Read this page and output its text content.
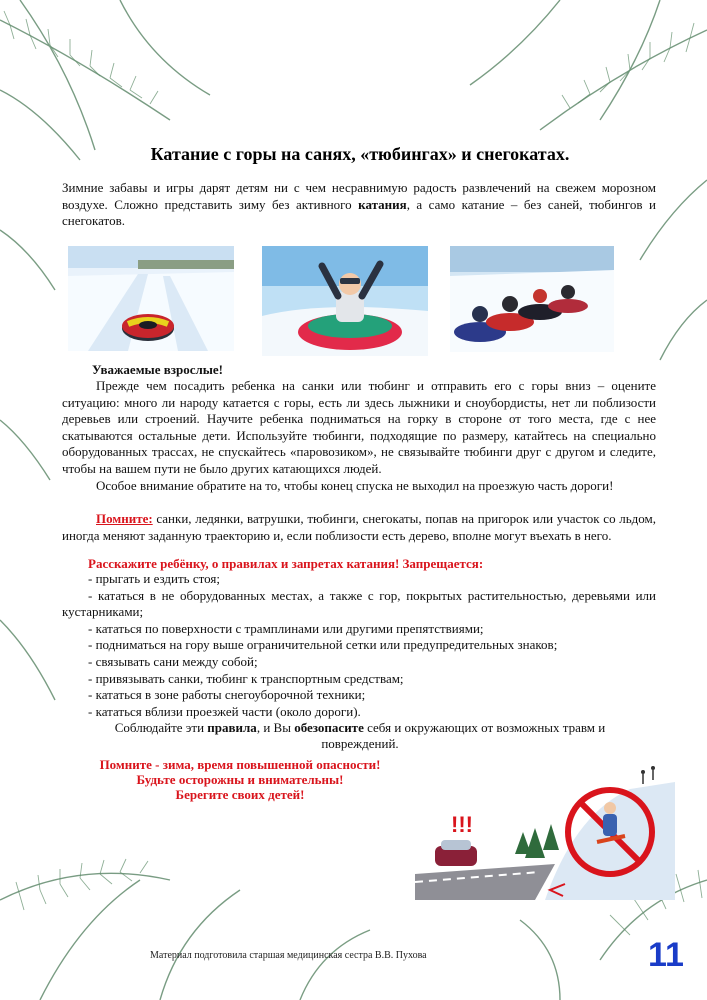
Катание с горы на санях, «тюбингах» и снегокатах.

Зимние забавы и игры дарят детям ни с чем несравнимую радость развлечений на свежем морозном воздухе. Сложно представить зиму без активного катания, а само катание – без саней, тюбингов и снегокатов.

Уважаемые взрослые!

Прежде чем посадить ребенка на санки или тюбинг и отправить его с горы вниз – оцените ситуацию: много ли народу катается с горы, есть ли здесь лыжники и сноубордисты, нет ли поблизости деревьев или строений. Научите ребенка подниматься на горку в стороне от того места, где с нее скатываются остальные дети. Используйте тюбинги, подходящие по размеру, катайтесь на специально оборудованных трассах, не спускайтесь «паровозиком», не связывайте тюбинги друг с другом и следите, чтобы на вашем пути не было других катающихся людей.

Особое внимание обратите на то, чтобы конец спуска не выходил на проезжую часть дороги!

Помните: санки, ледянки, ватрушки, тюбинги, снегокаты, попав на пригорок или участок со льдом, иногда меняют заданную траекторию и, если поблизости есть дерево, вполне могут въехать в него.

Расскажите ребёнку, о правилах и запретах катания! Запрещается:
- прыгать и ездить стоя;
- кататься в не оборудованных местах, а также с гор, покрытых растительностью, деревьями или кустарниками;
- кататься по поверхности с трамплинами или другими препятствиями;
- подниматься на гору выше ограничительной сетки или предупредительных знаков;
- связывать сани между собой;
- привязывать санки, тюбинг к транспортным средствам;
- кататься в зоне работы снегоуборочной техники;
- кататься вблизи проезжей части (около дороги).
Соблюдайте эти правила, и Вы обезопасите себя и окружающих от возможных травм и повреждений.
Помните - зима, время повышенной опасности!
Будьте осторожны и внимательны!
Берегите своих детей!
!!!
Материал подготовила старшая медицинская сестра В.В. Пухова	11
